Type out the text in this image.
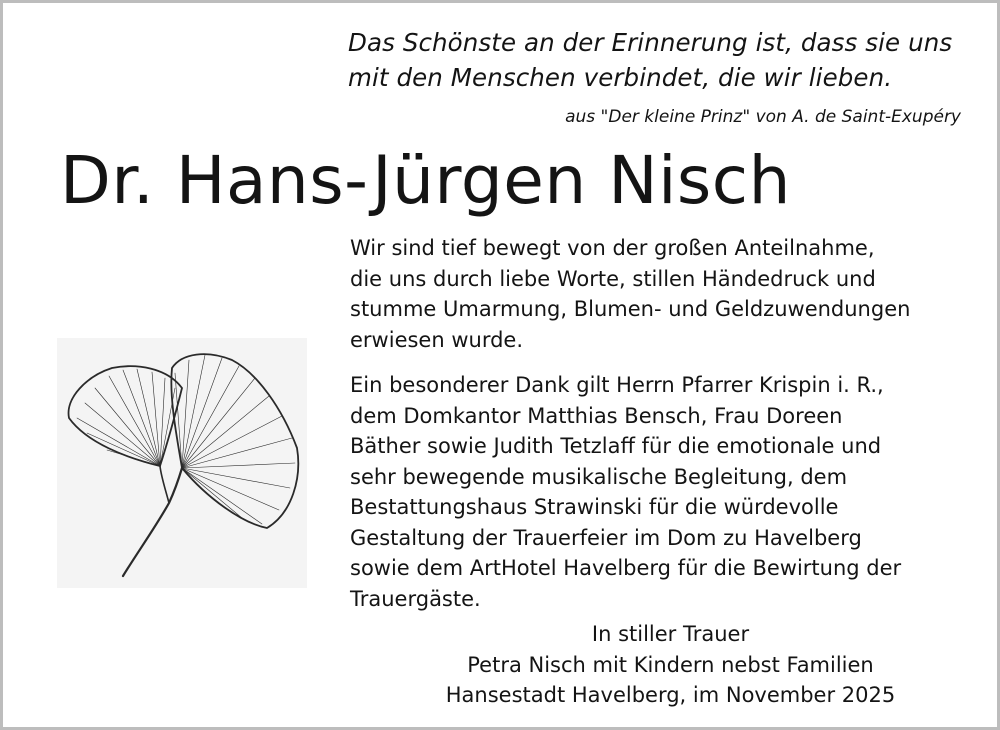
Das Schönste an der Erinnerung ist, dass sie uns
mit den Menschen verbindet, die wir lieben.
aus "Der kleine Prinz" von A. de Saint-Exupéry
Dr. Hans-Jürgen Nisch
Wir sind tief bewegt von der großen Anteilnahme,
die uns durch liebe Worte, stillen Händedruck und
stumme Umarmung, Blumen- und Geldzuwendungen
erwiesen wurde.
Ein besonderer Dank gilt Herrn Pfarrer Krispin i. R.,
dem Domkantor Matthias Bensch, Frau Doreen
Bäther sowie Judith Tetzlaff für die emotionale und
sehr bewegende musikalische Begleitung, dem
Bestattungshaus Strawinski für die würdevolle
Gestaltung der Trauerfeier im Dom zu Havelberg
sowie dem ArtHotel Havelberg für die Bewirtung der
Trauergäste.
In stiller Trauer
Petra Nisch mit Kindern nebst Familien
Hansestadt Havelberg, im November 2025
